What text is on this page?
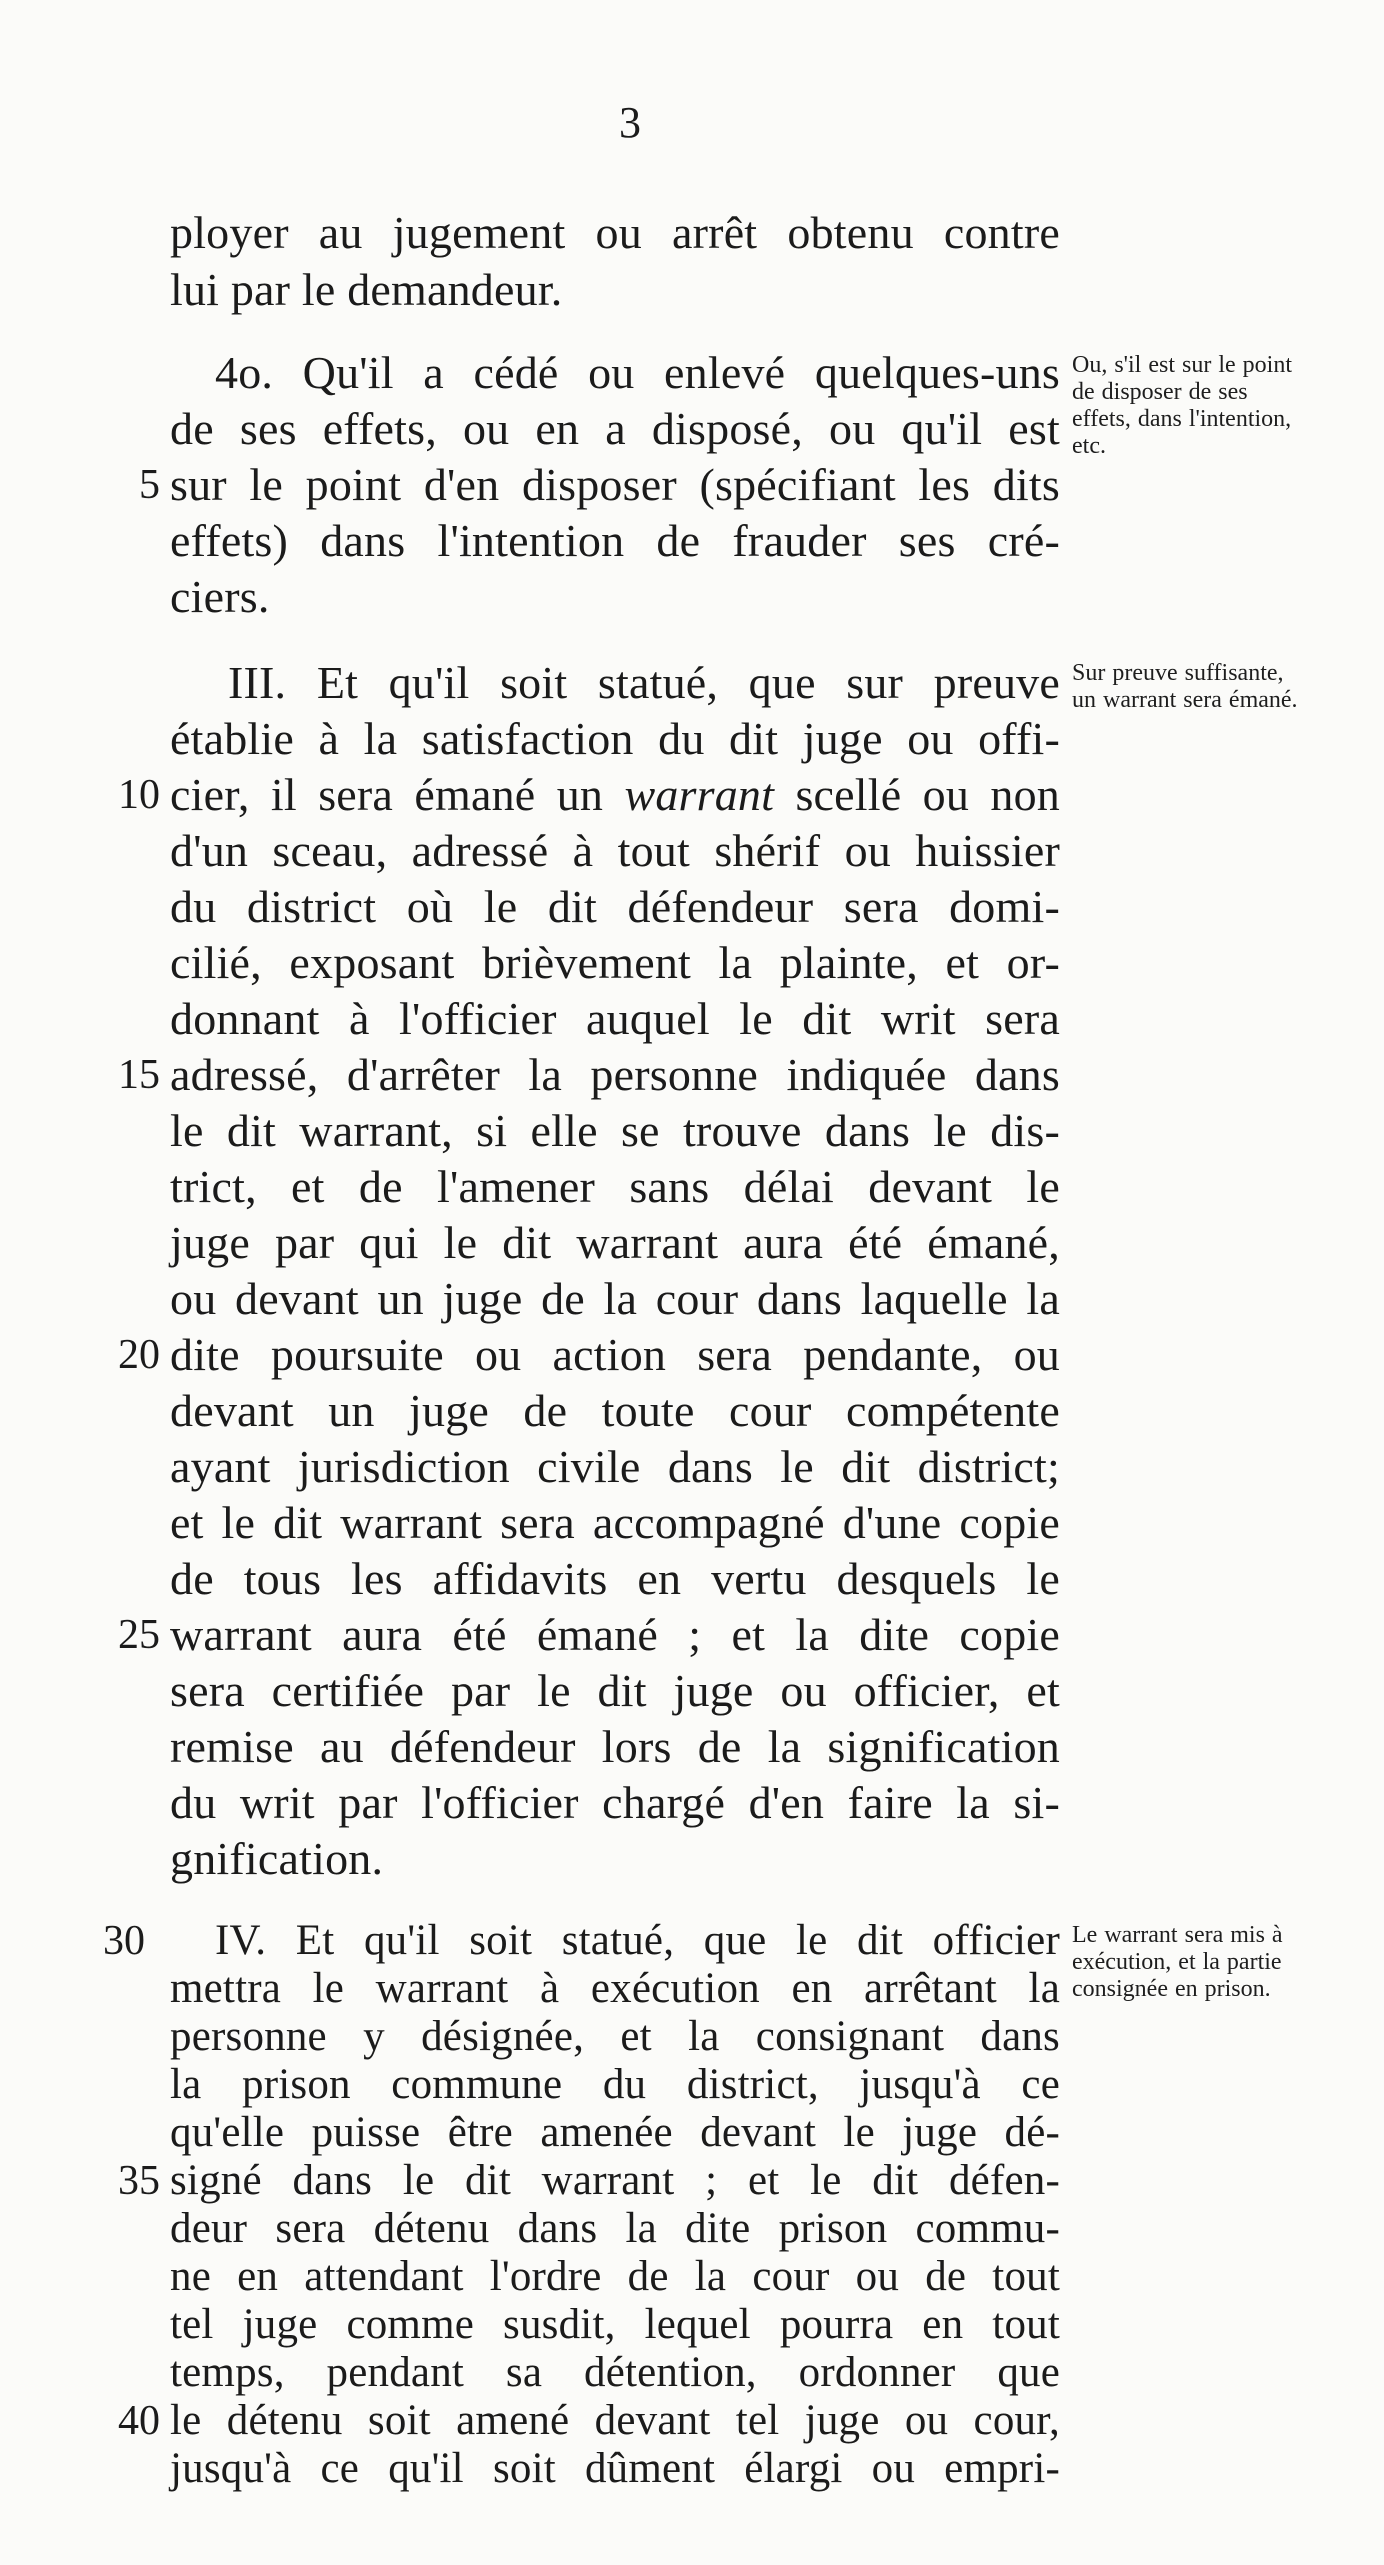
3
ployer au jugement ou arrêt obtenu contre
lui par le demandeur.
4o. Qu'il a cédé ou enlevé quelques-uns
de ses effets, ou en a disposé, ou qu'il est
5 sur le point d'en disposer (spécifiant les dits
effets) dans l'intention de frauder ses cré-
ciers.
Ou, s'il est sur le point de disposer de ses effets, dans l'intention, etc.
III. Et qu'il soit statué, que sur preuve
établie à la satisfaction du dit juge ou offi-
10 cier, il sera émané un warrant scellé ou non
d'un sceau, adressé à tout shérif ou huissier
du district où le dit défendeur sera domi-
cilié, exposant brièvement la plainte, et or-
donnant à l'officier auquel le dit writ sera
15 adressé, d'arrêter la personne indiquée dans
le dit warrant, si elle se trouve dans le dis-
trict, et de l'amener sans délai devant le
juge par qui le dit warrant aura été émané,
ou devant un juge de la cour dans laquelle la
20 dite poursuite ou action sera pendante, ou
devant un juge de toute cour compétente
ayant jurisdiction civile dans le dit district;
et le dit warrant sera accompagné d'une copie
de tous les affidavits en vertu desquels le
25 warrant aura été émané ; et la dite copie
sera certifiée par le dit juge ou officier, et
remise au défendeur lors de la signification
du writ par l'officier chargé d'en faire la si-
gnification.
Sur preuve suffisante, un warrant sera émané.
30 IV. Et qu'il soit statué, que le dit officier
mettra le warrant à exécution en arrêtant la
personne y désignée, et la consignant dans
la prison commune du district, jusqu'à ce
qu'elle puisse être amenée devant le juge dé-
35 signé dans le dit warrant ; et le dit défen-
deur sera détenu dans la dite prison commu-
ne en attendant l'ordre de la cour ou de tout
tel juge comme susdit, lequel pourra en tout
temps, pendant sa détention, ordonner que
40 le détenu soit amené devant tel juge ou cour,
jusqu'à ce qu'il soit dûment élargi ou empri-
Le warrant sera mis à exécution, et la partie consignée en prison.
